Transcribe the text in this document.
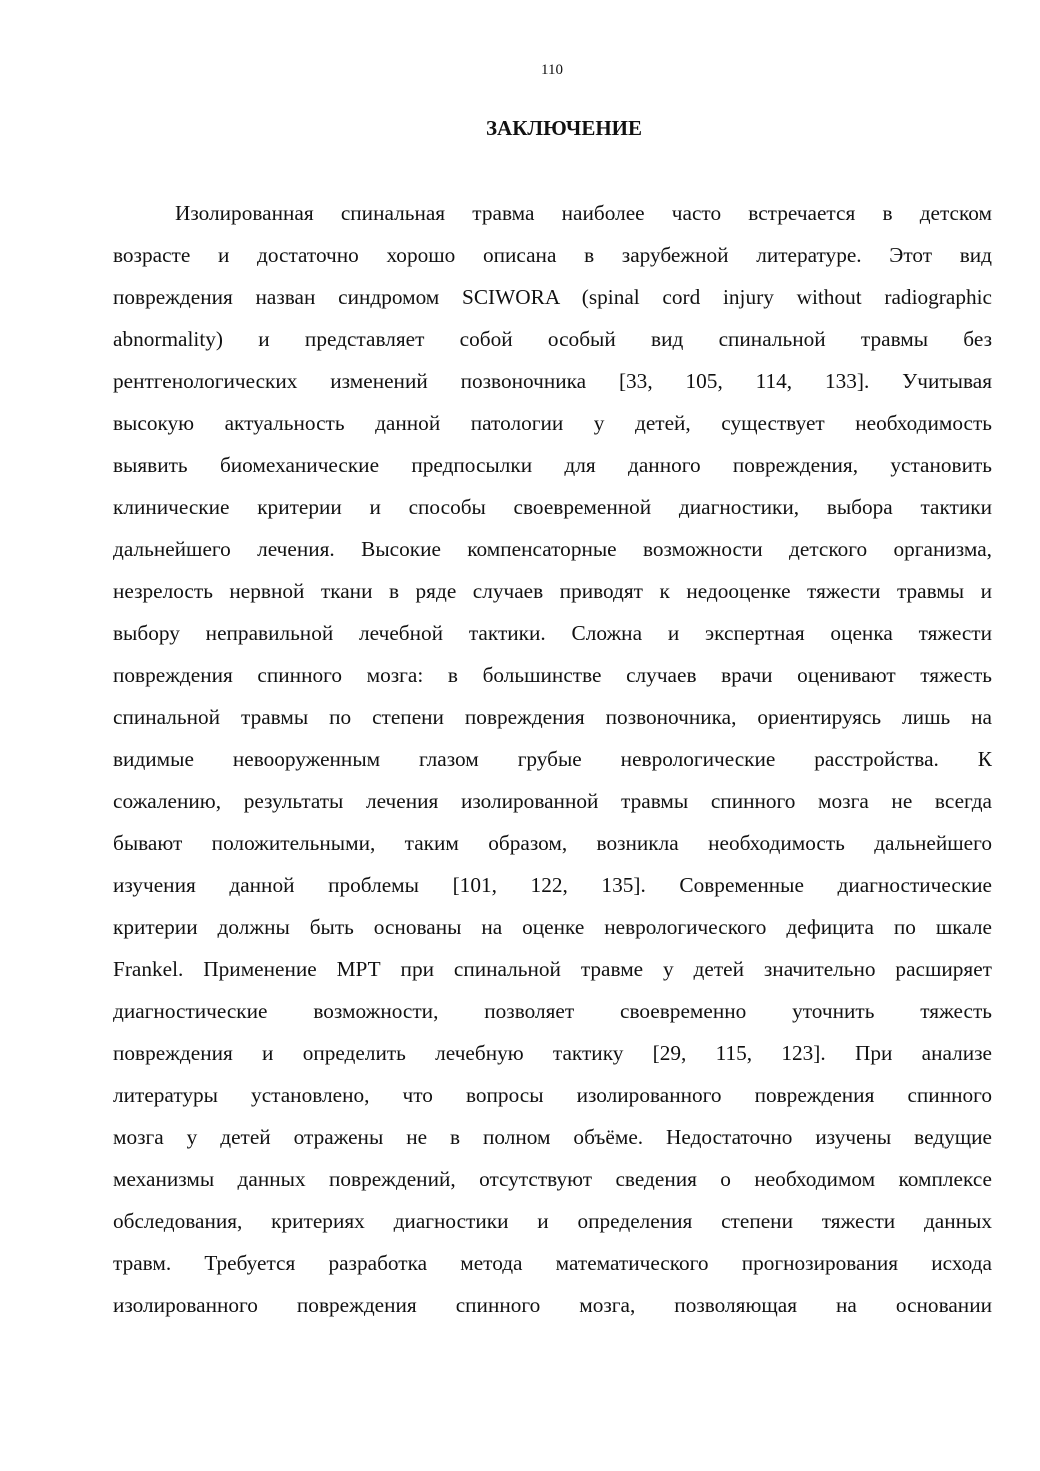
110
ЗАКЛЮЧЕНИЕ
Изолированная спинальная травма наиболее часто встречается в детском
возрасте и достаточно хорошо описана в зарубежной литературе. Этот вид
повреждения назван синдромом SCIWORA (spinal cord injury without radiographic
abnormality) и представляет собой особый вид спинальной травмы без
рентгенологических изменений позвоночника [33, 105, 114, 133]. Учитывая
высокую актуальность данной патологии у детей, существует необходимость
выявить биомеханические предпосылки для данного повреждения, установить
клинические критерии и способы своевременной диагностики, выбора тактики
дальнейшего лечения. Высокие компенсаторные возможности детского организма,
незрелость нервной ткани в ряде случаев приводят к недооценке тяжести травмы и
выбору неправильной лечебной тактики. Сложна и экспертная оценка тяжести
повреждения спинного мозга: в большинстве случаев врачи оценивают тяжесть
спинальной травмы по степени повреждения позвоночника, ориентируясь лишь на
видимые невооруженным глазом грубые неврологические расстройства. К
сожалению, результаты лечения изолированной травмы спинного мозга не всегда
бывают положительными, таким образом, возникла необходимость дальнейшего
изучения данной проблемы [101, 122, 135]. Современные диагностические
критерии должны быть основаны на оценке неврологического дефицита по шкале
Frankel. Применение МРТ при спинальной травме у детей значительно расширяет
диагностические возможности, позволяет своевременно уточнить тяжесть
повреждения и определить лечебную тактику [29, 115, 123]. При анализе
литературы установлено, что вопросы изолированного повреждения спинного
мозга у детей отражены не в полном объёме. Недостаточно изучены ведущие
механизмы данных повреждений, отсутствуют сведения о необходимом комплексе
обследования, критериях диагностики и определения степени тяжести данных
травм. Требуется разработка метода математического прогнозирования исхода
изолированного повреждения спинного мозга, позволяющая на основании
